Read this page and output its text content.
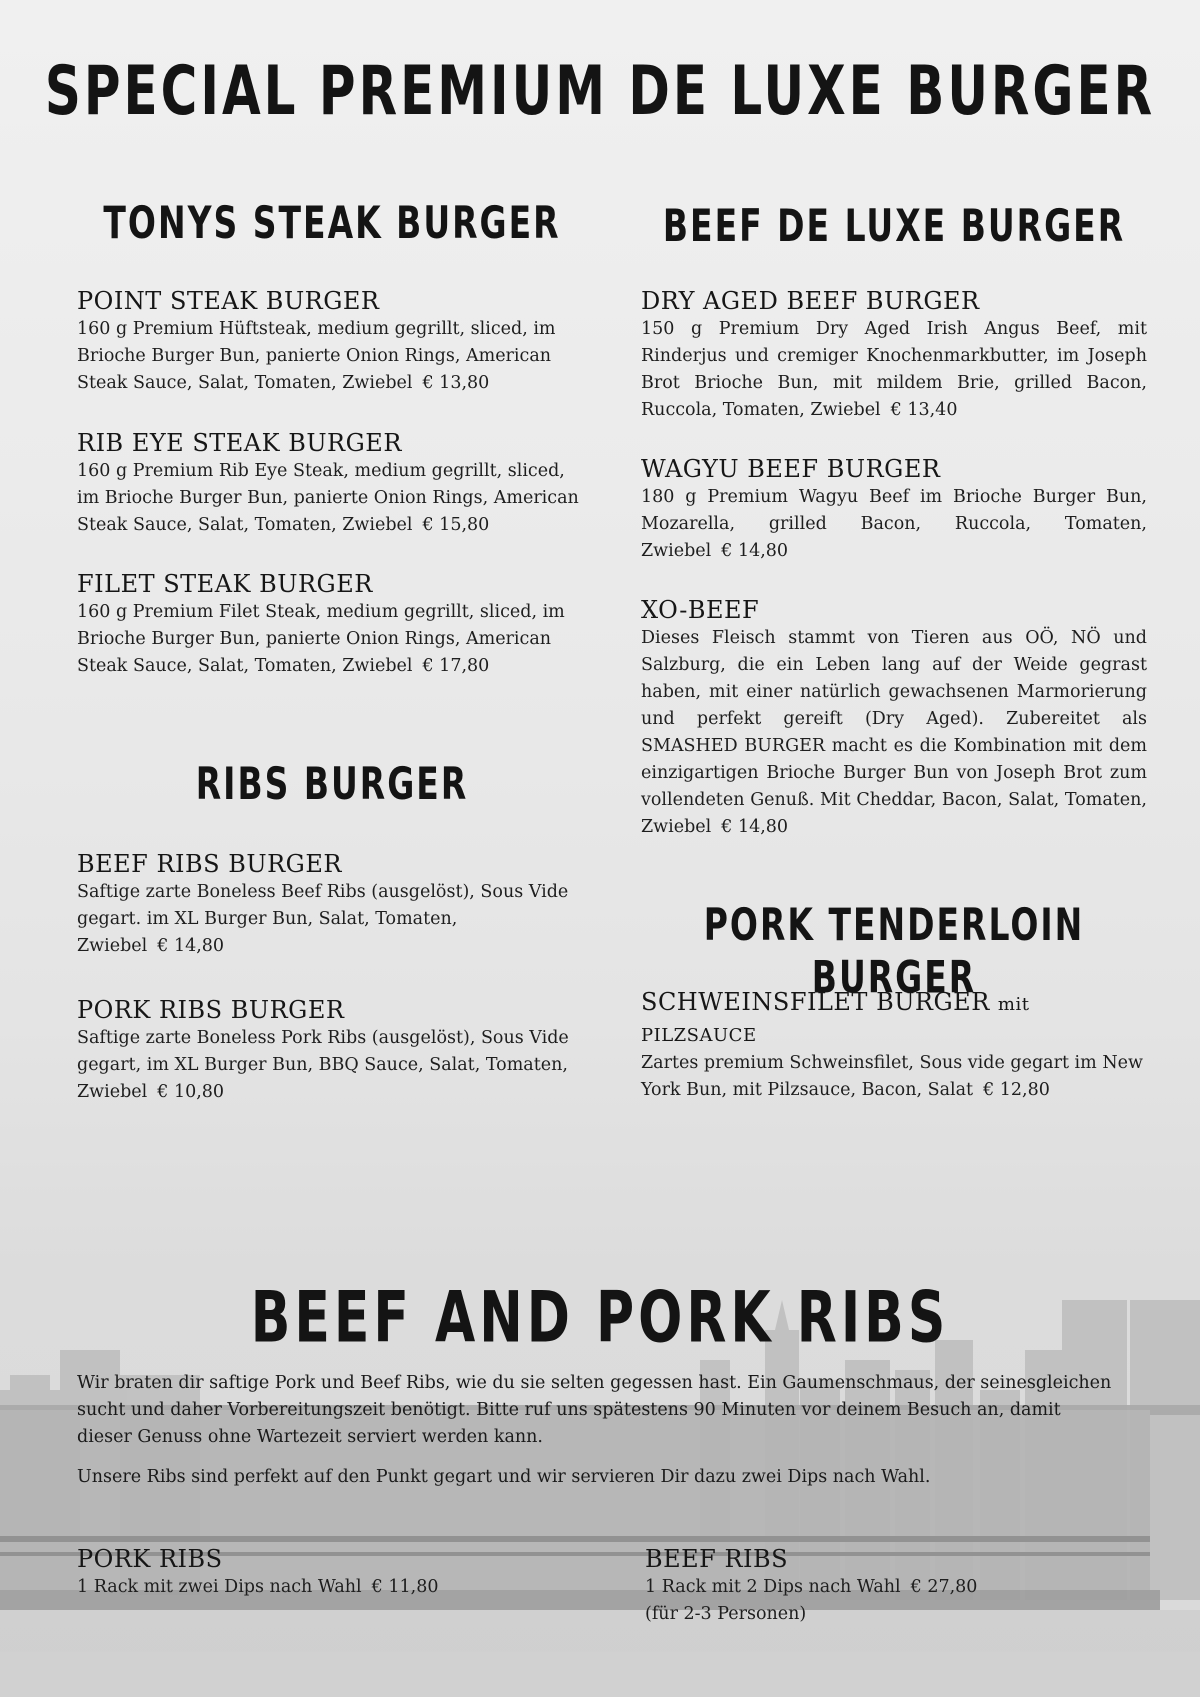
SPECIAL PREMIUM DE LUXE BURGER
TONYS STEAK BURGER
POINT STEAK BURGER

160 g Premium Hüftsteak, medium gegrillt, sliced, im Brioche Burger Bun, panierte Onion Rings, American Steak Sauce, Salat, Tomaten, Zwiebel € 13,80

RIB EYE STEAK BURGER

160 g Premium Rib Eye Steak, medium gegrillt, sliced, im Brioche Burger Bun, panierte Onion Rings, American Steak Sauce, Salat, Tomaten, Zwiebel € 15,80

FILET STEAK BURGER

160 g Premium Filet Steak, medium gegrillt, sliced, im Brioche Burger Bun, panierte Onion Rings, American Steak Sauce, Salat, Tomaten, Zwiebel € 17,80

RIBS BURGER
BEEF RIBS BURGER

Saftige zarte Boneless Beef Ribs (ausgelöst), Sous Vide gegart. im XL Burger Bun, Salat, Tomaten, Zwiebel € 14,80

PORK RIBS BURGER

Saftige zarte Boneless Pork Ribs (ausgelöst), Sous Vide gegart, im XL Burger Bun, BBQ Sauce, Salat, Tomaten, Zwiebel € 10,80

BEEF DE LUXE BURGER
DRY AGED BEEF BURGER

150 g Premium Dry Aged Irish Angus Beef, mit Rinderjus und cremiger Knochenmarkbutter, im Joseph Brot Brioche Bun, mit mildem Brie, grilled Bacon, Ruccola, Tomaten, Zwiebel € 13,40

WAGYU BEEF BURGER

180 g Premium Wagyu Beef im Brioche Burger Bun, Mozarella, grilled Bacon, Ruccola, Tomaten, Zwiebel € 14,80

XO-BEEF

Dieses Fleisch stammt von Tieren aus OÖ, NÖ und Salzburg, die ein Leben lang auf der Weide gegrast haben, mit einer natürlich gewachsenen Marmorierung und perfekt gereift (Dry Aged). Zubereitet als SMASHED BURGER macht es die Kombination mit dem einzigartigen Brioche Burger Bun von Joseph Brot zum vollendeten Genuß. Mit Cheddar, Bacon, Salat, Tomaten, Zwiebel € 14,80

PORK TENDERLOIN BURGER
SCHWEINSFILET BURGER mit PILZSAUCE

Zartes premium Schweinsfilet, Sous vide gegart im New York Bun, mit Pilzsauce, Bacon, Salat € 12,80

BEEF AND PORK RIBS

Wir braten dir saftige Pork und Beef Ribs, wie du sie selten gegessen hast. Ein Gaumenschmaus, der seinesgleichen sucht und daher Vorbereitungszeit benötigt. Bitte ruf uns spätestens 90 Minuten vor deinem Besuch an, damit dieser Genuss ohne Wartezeit serviert werden kann.

Unsere Ribs sind perfekt auf den Punkt gegart und wir servieren Dir dazu zwei Dips nach Wahl.

PORK RIBS

1 Rack mit zwei Dips nach Wahl € 11,80

BEEF RIBS

1 Rack mit 2 Dips nach Wahl € 27,80
(für 2-3 Personen)
